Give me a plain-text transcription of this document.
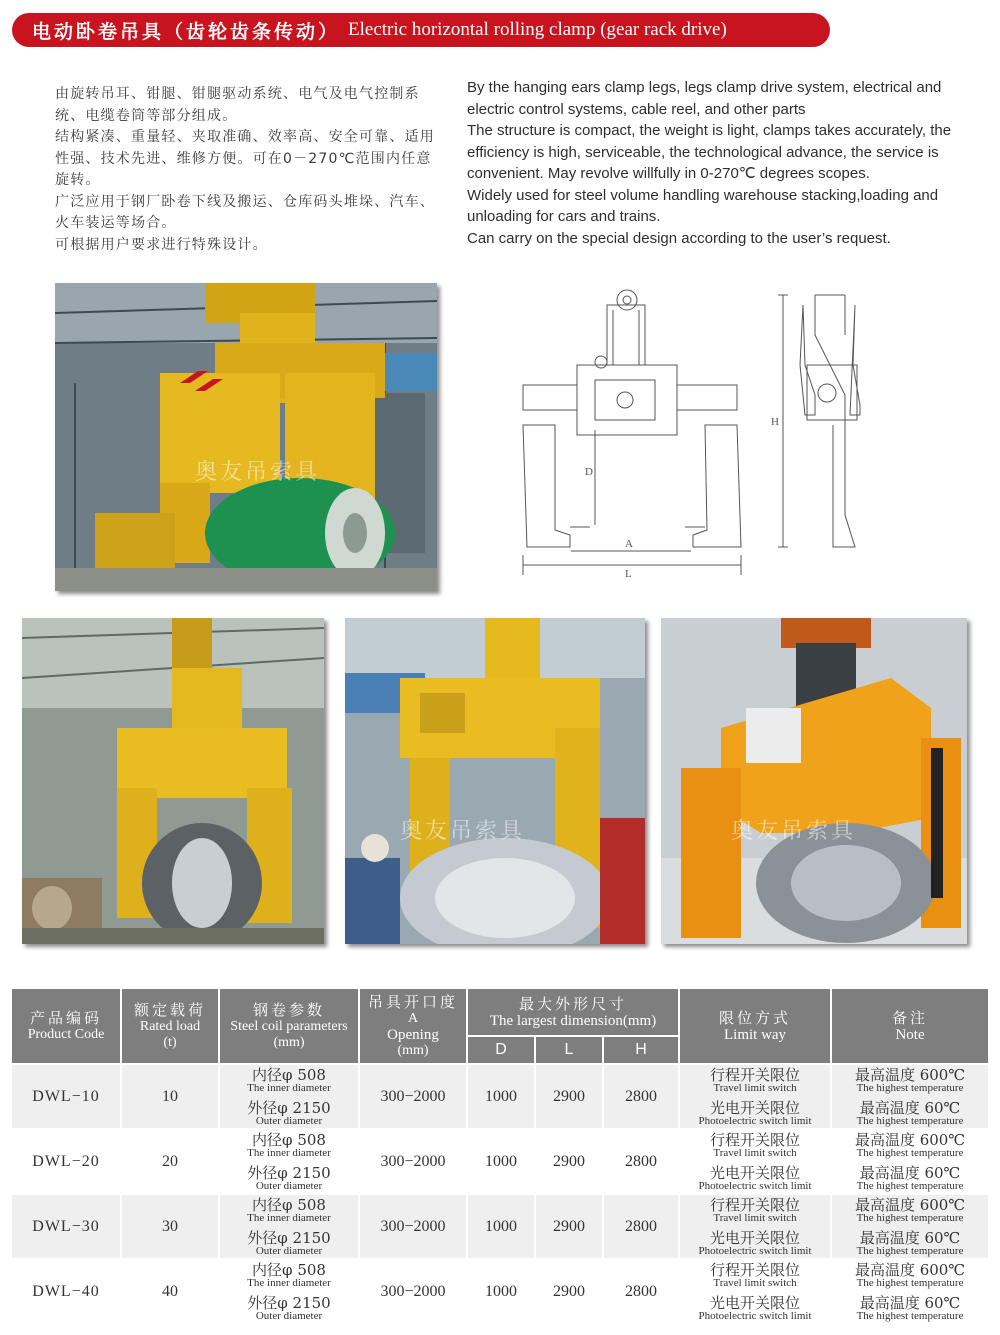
电动卧卷吊具（齿轮齿条传动） Electric horizontal rolling clamp (gear rack drive)

由旋转吊耳、钳腿、钳腿驱动系统、电气及电气控制系统、电缆卷筒等部分组成。

结构紧凑、重量轻、夹取准确、效率高、安全可靠、适用性强、技术先进、维修方便。可在0－270℃范围内任意旋转。

广泛应用于钢厂卧卷下线及搬运、仓库码头堆垛、汽车、火车装运等场合。

可根据用户要求进行特殊设计。

By the hanging ears clamp legs, legs clamp drive system, electrical and electric control systems, cable reel, and other parts

The structure is compact, the weight is light, clamps takes accurately, the efficiency is high, serviceable, the technological advance, the service is convenient. May revolve willfully in 0-270℃ degrees scopes.

Widely used for steel volume handling warehouse stacking,loading and unloading for cars and trains.

Can carry on the special design according to the user’s request.

奥友吊索具
H
D
A
L
奥友吊索具	奥友吊索具
产品编码
Product Code	额定载荷
Rated load
(t)	钢卷参数
Steel coil parameters
(mm)	吊具开口度
A
Opening
(mm)	最大外形尺寸
The largest dimension(mm)			限位方式
Limit way	备注
Note

				D	L	H		
DWL−10	10	内径φ 508
The inner diameter
外径φ 2150
Outer diameter	300−2000	1000	2900	2800	行程开关限位
Travel limit switch
光电开关限位
Photoelectric switch limit	最高温度 600℃
The highest temperature
最高温度 60℃
The highest temperature

DWL−20	20	内径φ 508
The inner diameter
外径φ 2150
Outer diameter	300−2000	1000	2900	2800	行程开关限位
Travel limit switch
光电开关限位
Photoelectric switch limit	最高温度 600℃
The highest temperature
最高温度 60℃
The highest temperature

DWL−30	30	内径φ 508
The inner diameter
外径φ 2150
Outer diameter	300−2000	1000	2900	2800	行程开关限位
Travel limit switch
光电开关限位
Photoelectric switch limit	最高温度 600℃
The highest temperature
最高温度 60℃
The highest temperature

DWL−40	40	内径φ 508
The inner diameter
外径φ 2150
Outer diameter	300−2000	1000	2900	2800	行程开关限位
Travel limit switch
光电开关限位
Photoelectric switch limit	最高温度 600℃
The highest temperature
最高温度 60℃
The highest temperature
